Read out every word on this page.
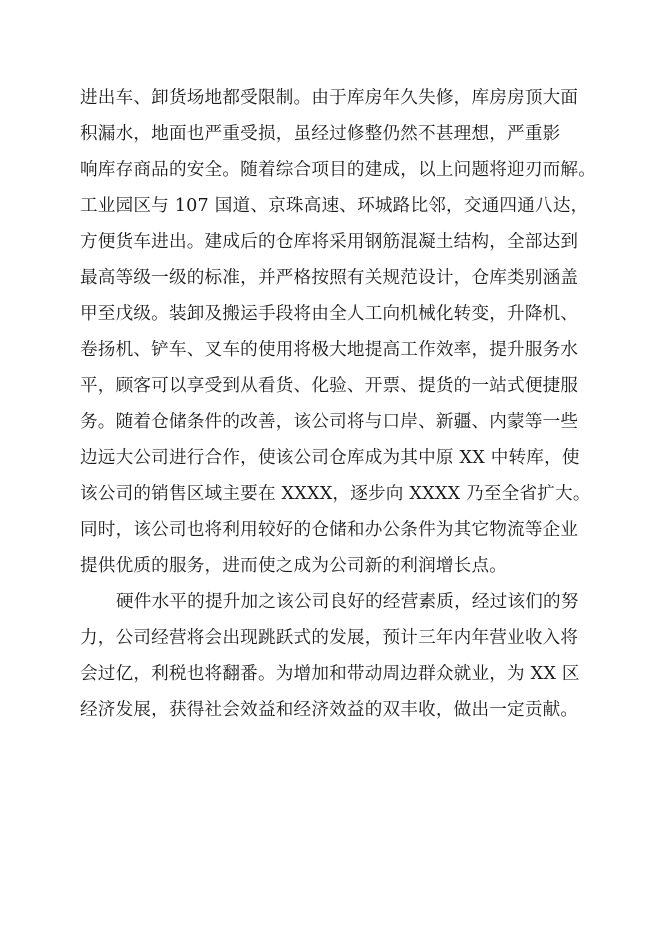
进出车、卸货场地都受限制。由于库房年久失修，库房房顶大面
积漏水，地面也严重受损，虽经过修整仍然不甚理想，严重影
响库存商品的安全。随着综合项目的建成，以上问题将迎刃而解。
工业园区与 107 国道、京珠高速、环城路比邻，交通四通八达，
方便货车进出。建成后的仓库将采用钢筋混凝土结构，全部达到
最高等级一级的标准，并严格按照有关规范设计，仓库类别涵盖
甲至戊级。装卸及搬运手段将由全人工向机械化转变，升降机、
卷扬机、铲车、叉车的使用将极大地提高工作效率，提升服务水
平，顾客可以享受到从看货、化验、开票、提货的一站式便捷服
务。随着仓储条件的改善，该公司将与口岸、新疆、内蒙等一些
边远大公司进行合作，使该公司仓库成为其中原 XX 中转库，使
该公司的销售区域主要在 XXXX，逐步向 XXXX 乃至全省扩大。
同时，该公司也将利用较好的仓储和办公条件为其它物流等企业
提供优质的服务，进而使之成为公司新的利润增长点。
硬件水平的提升加之该公司良好的经营素质，经过该们的努
力，公司经营将会出现跳跃式的发展，预计三年内年营业收入将
会过亿，利税也将翻番。为增加和带动周边群众就业，为 XX 区
经济发展，获得社会效益和经济效益的双丰收，做出一定贡献。
